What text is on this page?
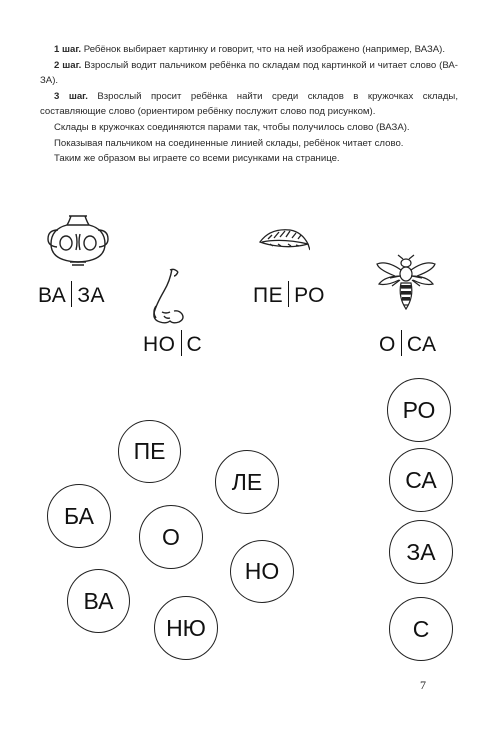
1 шаг. Ребёнок выбирает картинку и говорит, что на ней изображено (например, ВАЗА).

2 шаг. Взрослый водит пальчиком ребёнка по складам под картинкой и читает слово (ВА-ЗА).

3 шаг. Взрослый просит ребёнка найти среди складов в кружочках склады, составляющие слово (ориентиром ребёнку послужит слово под рисунком).

Склады в кружочках соединяются парами так, чтобы получилось слово (ВАЗА).

Показывая пальчиком на соединенные линией склады, ребёнок читает слово.

Таким же образом вы играете со всеми рисунками на странице.

ВА ЗА
НО С
ПЕ РО
О СА
ПЕ
ЛЕ
БА
О
НО
ВА
НЮ
РО
СА
ЗА
С
7
